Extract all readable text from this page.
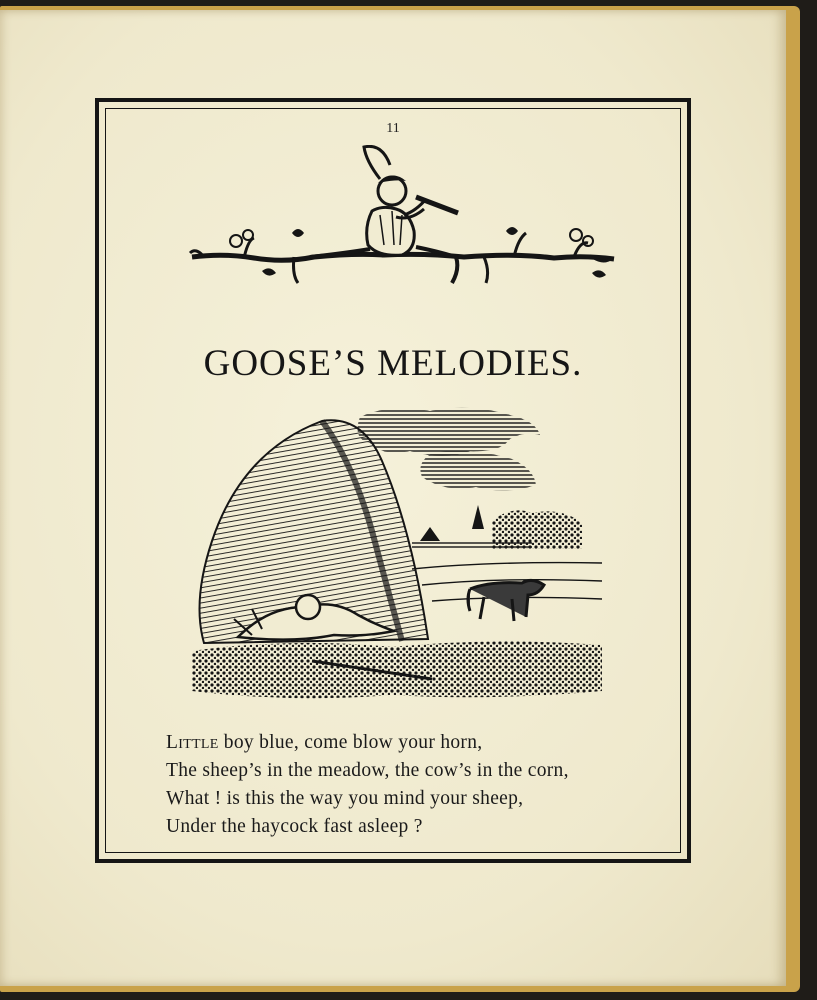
11
GOOSE’S MELODIES.
Little boy blue, come blow your horn,
The sheep’s in the meadow, the cow’s in the corn,
What ! is this the way you mind your sheep,
Under the haycock fast asleep ?
